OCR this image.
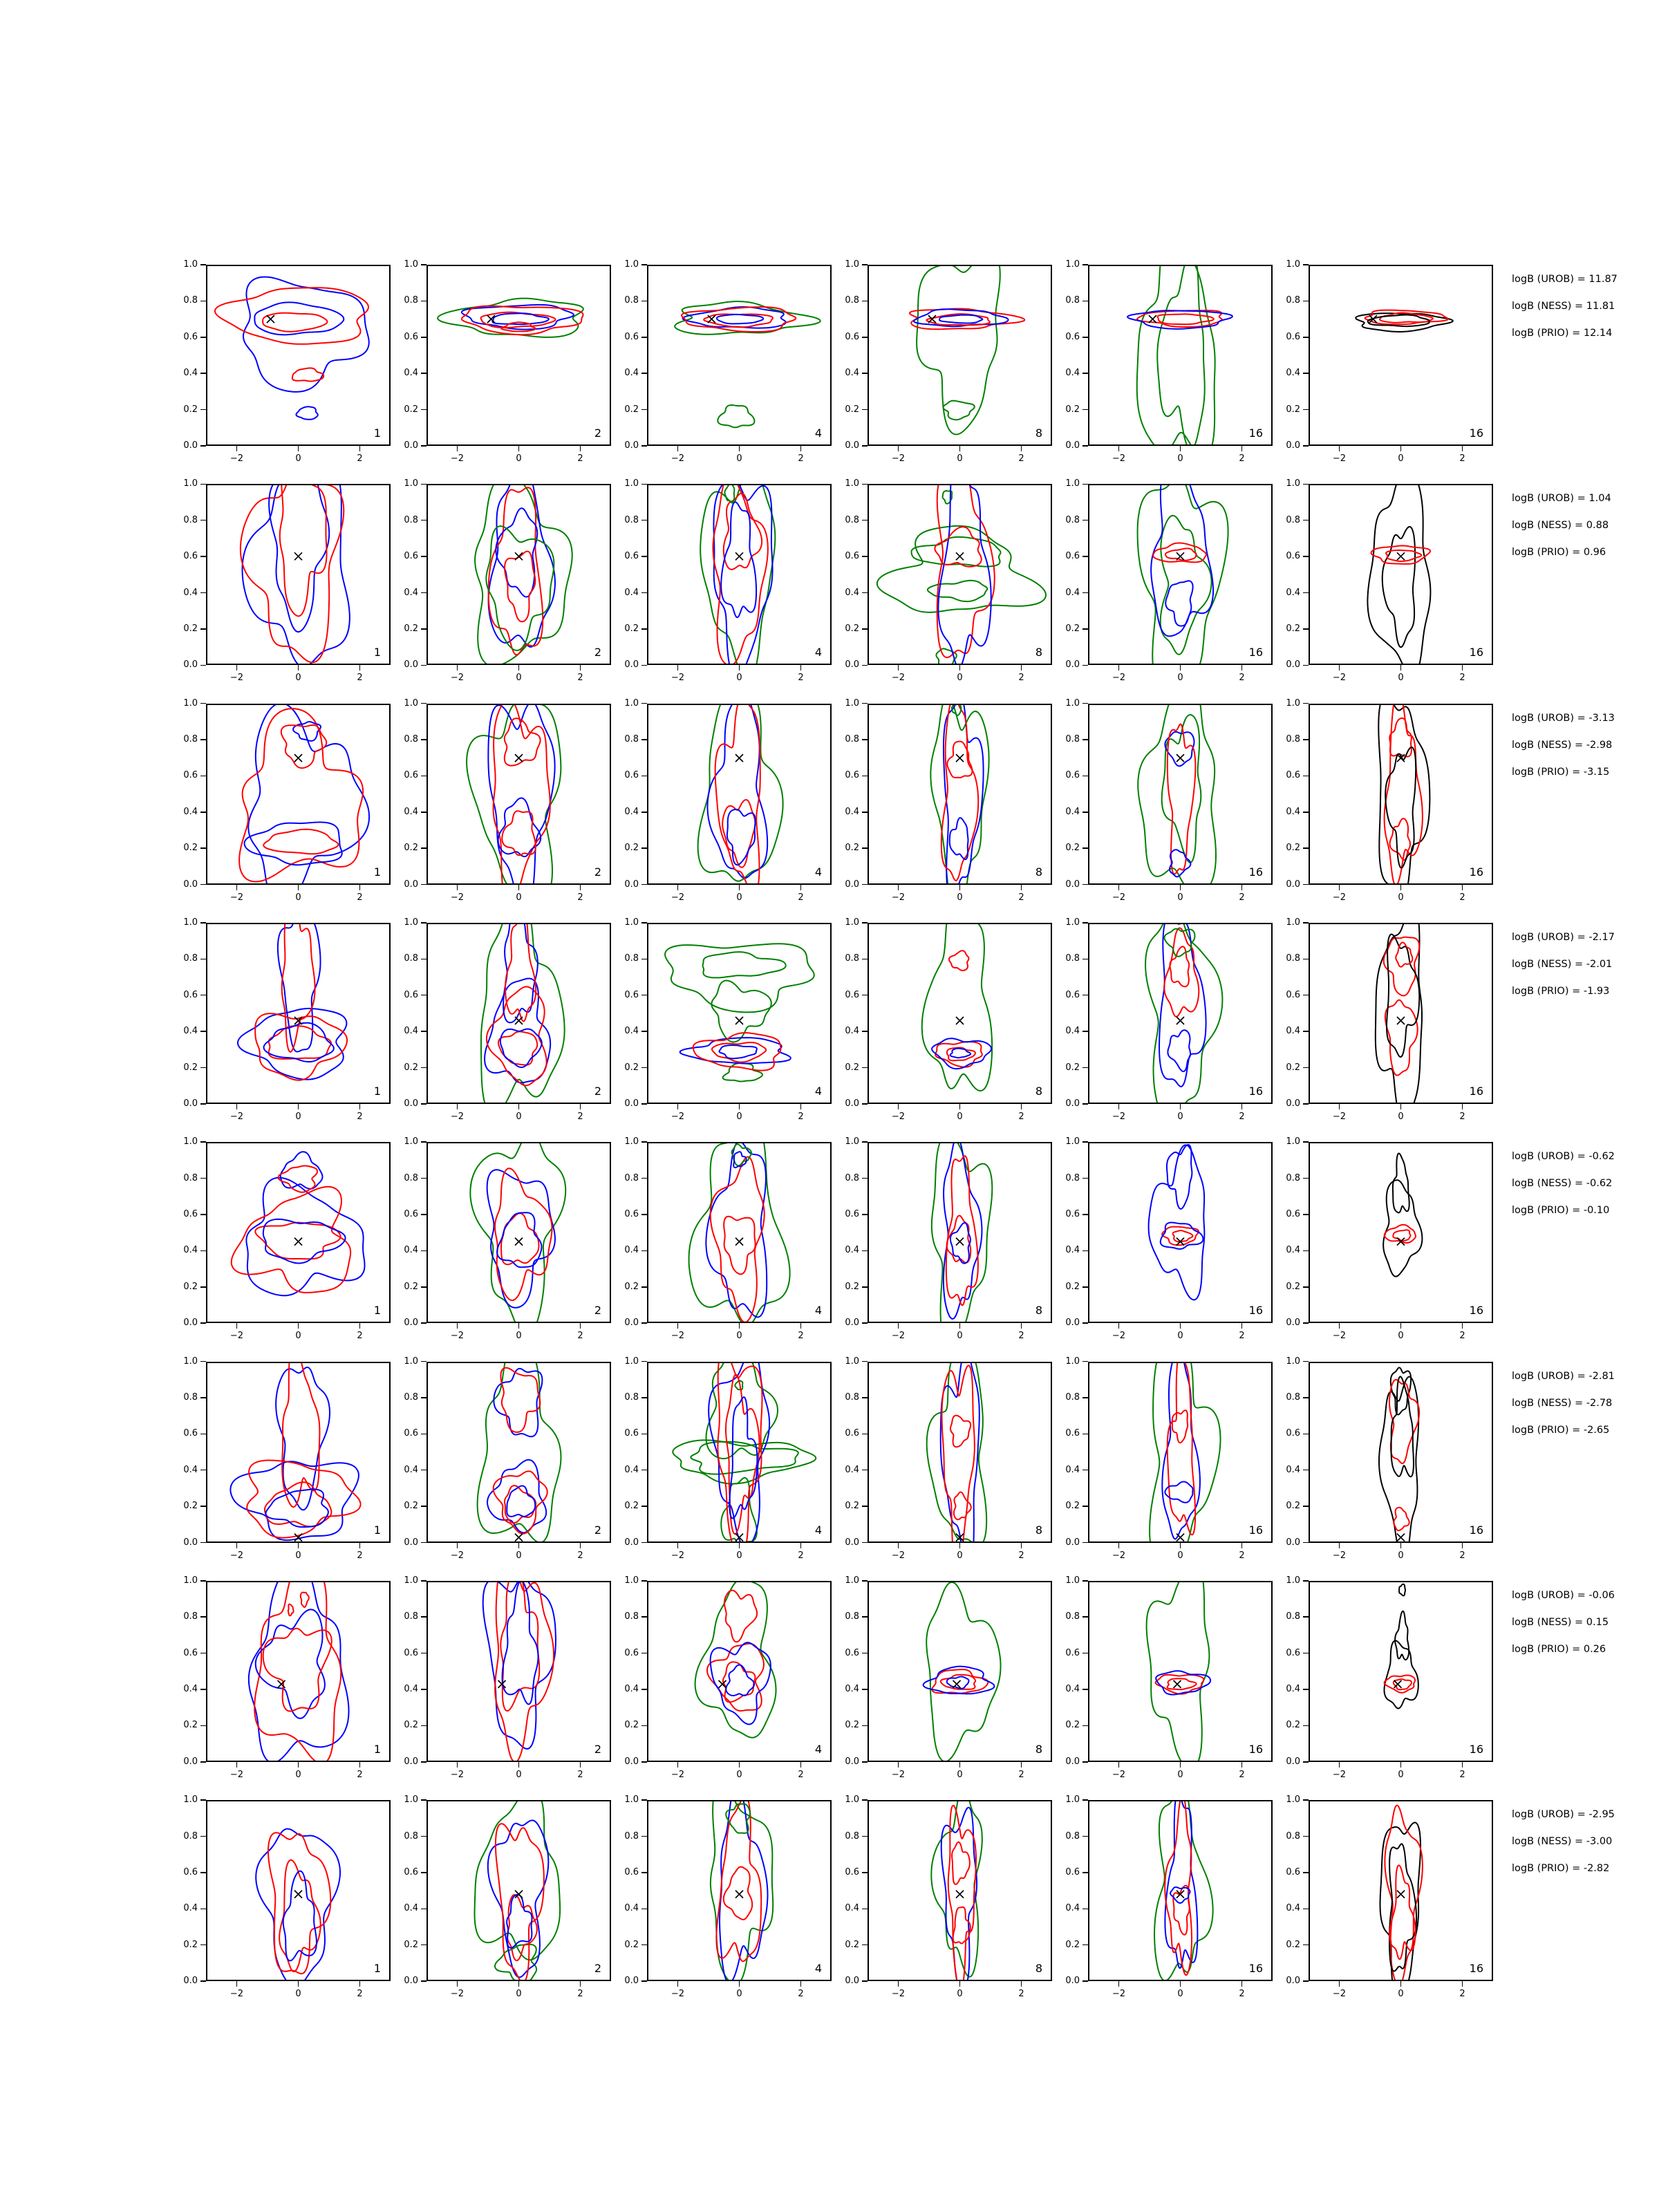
1
−2	0	2
0.0
0.2
0.4
0.6
0.8
1.0
2
−2	0	2
0.0
0.2
0.4
0.6
0.8
1.0
4
−2	0	2
0.0
0.2
0.4
0.6
0.8
1.0
8
−2	0	2
0.0
0.2
0.4
0.6
0.8
1.0
16
−2	0	2
0.0
0.2
0.4
0.6
0.8
1.0
16
−2	0	2
0.0
0.2
0.4
0.6
0.8
1.0
logB (UROB) = 11.87
logB (NESS) = 11.81
logB (PRIO) = 12.14
1
−2	0	2
0.0
0.2
0.4
0.6
0.8
1.0
2
−2	0	2
0.0
0.2
0.4
0.6
0.8
1.0
4
−2	0	2
0.0
0.2
0.4
0.6
0.8
1.0
8
−2	0	2
0.0
0.2
0.4
0.6
0.8
1.0
16
−2	0	2
0.0
0.2
0.4
0.6
0.8
1.0
16
−2	0	2
0.0
0.2
0.4
0.6
0.8
1.0
logB (UROB) = 1.04
logB (NESS) = 0.88
logB (PRIO) = 0.96
1
−2	0	2
0.0
0.2
0.4
0.6
0.8
1.0
2
−2	0	2
0.0
0.2
0.4
0.6
0.8
1.0
4
−2	0	2
0.0
0.2
0.4
0.6
0.8
1.0
8
−2	0	2
0.0
0.2
0.4
0.6
0.8
1.0
16
−2	0	2
0.0
0.2
0.4
0.6
0.8
1.0
16
−2	0	2
0.0
0.2
0.4
0.6
0.8
1.0
logB (UROB) = -3.13
logB (NESS) = -2.98
logB (PRIO) = -3.15
1
−2	0	2
0.0
0.2
0.4
0.6
0.8
1.0
2
−2	0	2
0.0
0.2
0.4
0.6
0.8
1.0
4
−2	0	2
0.0
0.2
0.4
0.6
0.8
1.0
8
−2	0	2
0.0
0.2
0.4
0.6
0.8
1.0
16
−2	0	2
0.0
0.2
0.4
0.6
0.8
1.0
16
−2	0	2
0.0
0.2
0.4
0.6
0.8
1.0
logB (UROB) = -2.17
logB (NESS) = -2.01
logB (PRIO) = -1.93
1
−2	0	2
0.0
0.2
0.4
0.6
0.8
1.0
2
−2	0	2
0.0
0.2
0.4
0.6
0.8
1.0
4
−2	0	2
0.0
0.2
0.4
0.6
0.8
1.0
8
−2	0	2
0.0
0.2
0.4
0.6
0.8
1.0
16
−2	0	2
0.0
0.2
0.4
0.6
0.8
1.0
16
−2	0	2
0.0
0.2
0.4
0.6
0.8
1.0
logB (UROB) = -0.62
logB (NESS) = -0.62
logB (PRIO) = -0.10
1
−2	0	2
0.0
0.2
0.4
0.6
0.8
1.0
2
−2	0	2
0.0
0.2
0.4
0.6
0.8
1.0
4
−2	0	2
0.0
0.2
0.4
0.6
0.8
1.0
8
−2	0	2
0.0
0.2
0.4
0.6
0.8
1.0
16
−2	0	2
0.0
0.2
0.4
0.6
0.8
1.0
16
−2	0	2
0.0
0.2
0.4
0.6
0.8
1.0
logB (UROB) = -2.81
logB (NESS) = -2.78
logB (PRIO) = -2.65
1
−2	0	2
0.0
0.2
0.4
0.6
0.8
1.0
2
−2	0	2
0.0
0.2
0.4
0.6
0.8
1.0
4
−2	0	2
0.0
0.2
0.4
0.6
0.8
1.0
8
−2	0	2
0.0
0.2
0.4
0.6
0.8
1.0
16
−2	0	2
0.0
0.2
0.4
0.6
0.8
1.0
16
−2	0	2
0.0
0.2
0.4
0.6
0.8
1.0
logB (UROB) = -0.06
logB (NESS) = 0.15
logB (PRIO) = 0.26
1
−2	0	2
0.0
0.2
0.4
0.6
0.8
1.0
2
−2	0	2
0.0
0.2
0.4
0.6
0.8
1.0
4
−2	0	2
0.0
0.2
0.4
0.6
0.8
1.0
8
−2	0	2
0.0
0.2
0.4
0.6
0.8
1.0
16
−2	0	2
0.0
0.2
0.4
0.6
0.8
1.0
16
−2	0	2
0.0
0.2
0.4
0.6
0.8
1.0
logB (UROB) = -2.95
logB (NESS) = -3.00
logB (PRIO) = -2.82
